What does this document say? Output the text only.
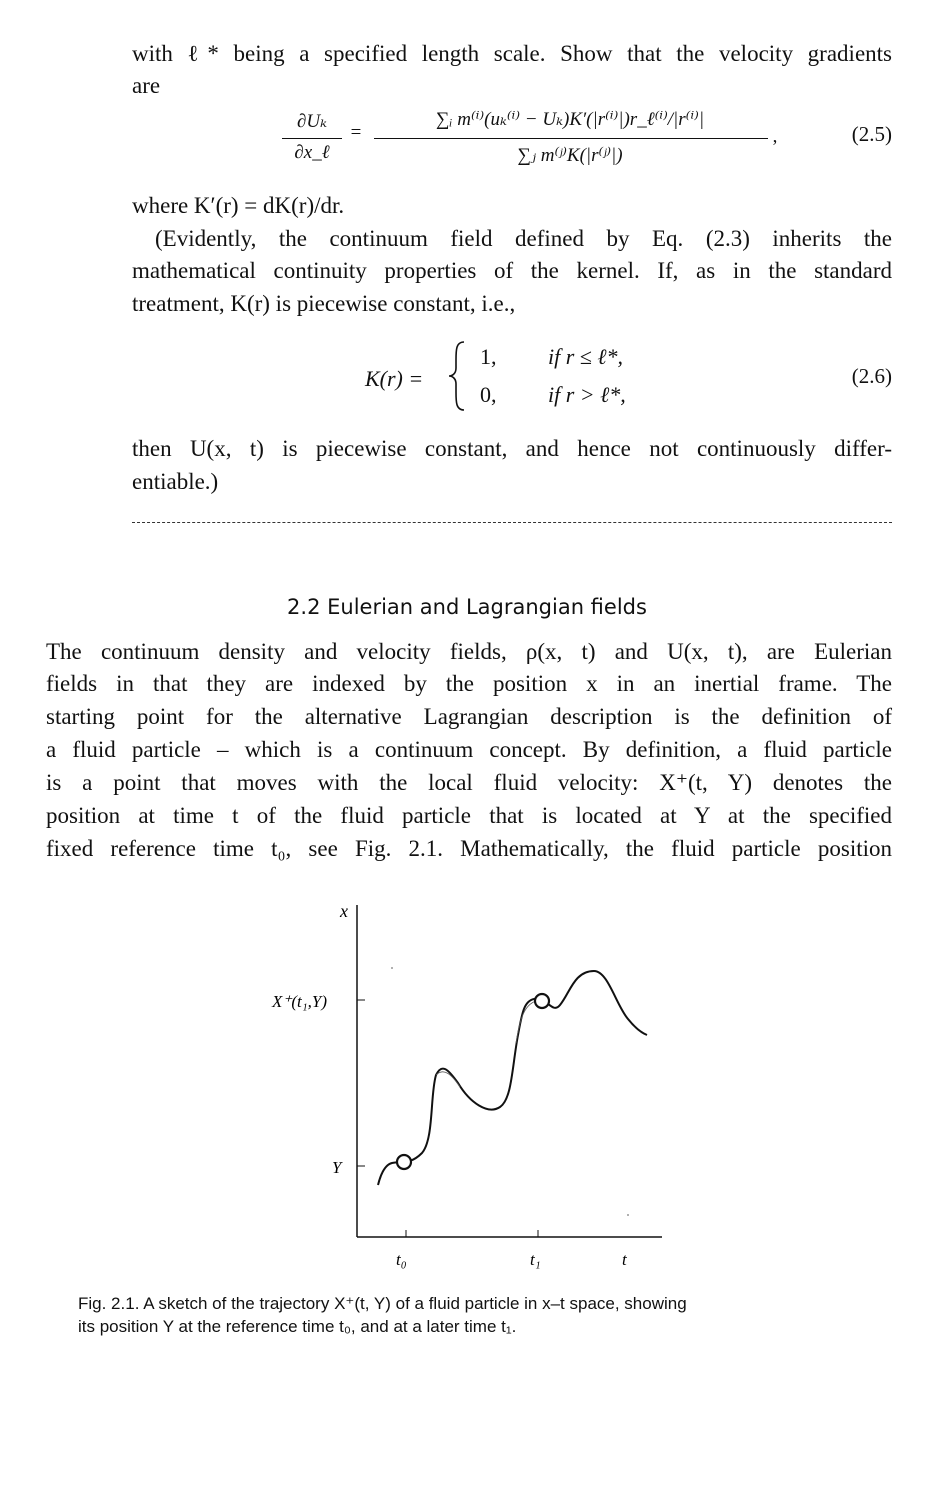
with ℓ* being a specified length scale. Show that the velocity gradients
are
∂Uₖ
∂x_ℓ
=
∑ᵢ m⁽ⁱ⁾(uₖ⁽ⁱ⁾ − Uₖ)K′(|r⁽ⁱ⁾|)r_ℓ⁽ⁱ⁾/|r⁽ⁱ⁾|
∑ⱼ m⁽ʲ⁾K(|r⁽ʲ⁾|)
,	(2.5)
where K′(r) = dK(r)/dr.
(Evidently, the continuum field defined by Eq. (2.3) inherits the
mathematical continuity properties of the kernel. If, as in the standard
treatment, K(r) is piecewise constant, i.e.,
K(r) =
1, if r ≤ ℓ*,
0, if r > ℓ*,
(2.6)
then U(x, t) is piecewise constant, and hence not continuously differ-
entiable.)
2.2 Eulerian and Lagrangian fields
The continuum density and velocity fields, ρ(x, t) and U(x, t), are Eulerian
fields in that they are indexed by the position x in an inertial frame. The
starting point for the alternative Lagrangian description is the definition of
a fluid particle – which is a continuum concept. By definition, a fluid particle
is a point that moves with the local fluid velocity: X⁺(t, Y) denotes the
position at time t of the fluid particle that is located at Y at the specified
fixed reference time t₀, see Fig. 2.1. Mathematically, the fluid particle position
x
t
t₀	t₁
X⁺(t₁,Y)
Y
Fig. 2.1. A sketch of the trajectory X⁺(t, Y) of a fluid particle in x–t space, showing
its position Y at the reference time t₀, and at a later time t₁.
